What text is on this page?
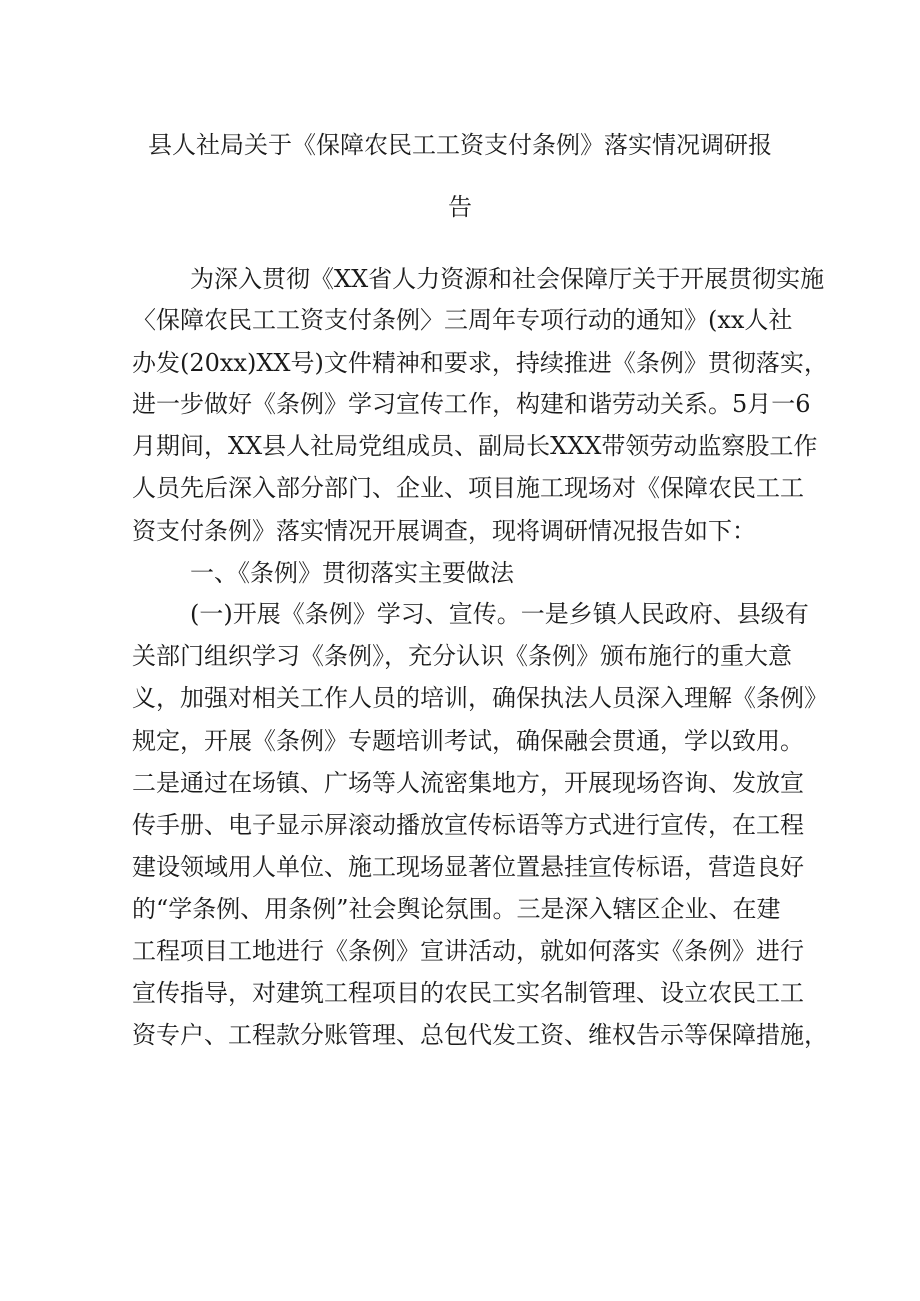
县人社局关于《保障农民工工资支付条例》落实情况调研报
告
为深入贯彻《XX省人力资源和社会保障厅关于开展贯彻实施
〈保障农民工工资支付条例〉三周年专项行动的通知》(xx人社
办发(20xx)XX号)文件精神和要求，持续推进《条例》贯彻落实，
进一步做好《条例》学习宣传工作，构建和谐劳动关系。5月一6
月期间，XX县人社局党组成员、副局长XXX带领劳动监察股工作
人员先后深入部分部门、企业、项目施工现场对《保障农民工工
资支付条例》落实情况开展调查，现将调研情况报告如下：
一、《条例》贯彻落实主要做法
(一)开展《条例》学习、宣传。一是乡镇人民政府、县级有
关部门组织学习《条例》，充分认识《条例》颁布施行的重大意
义，加强对相关工作人员的培训，确保执法人员深入理解《条例》
规定，开展《条例》专题培训考试，确保融会贯通，学以致用。
二是通过在场镇、广场等人流密集地方，开展现场咨询、发放宣
传手册、电子显示屏滚动播放宣传标语等方式进行宣传，在工程
建设领域用人单位、施工现场显著位置悬挂宣传标语，营造良好
的“学条例、用条例”社会舆论氛围。三是深入辖区企业、在建
工程项目工地进行《条例》宣讲活动，就如何落实《条例》进行
宣传指导，对建筑工程项目的农民工实名制管理、设立农民工工
资专户、工程款分账管理、总包代发工资、维权告示等保障措施，
